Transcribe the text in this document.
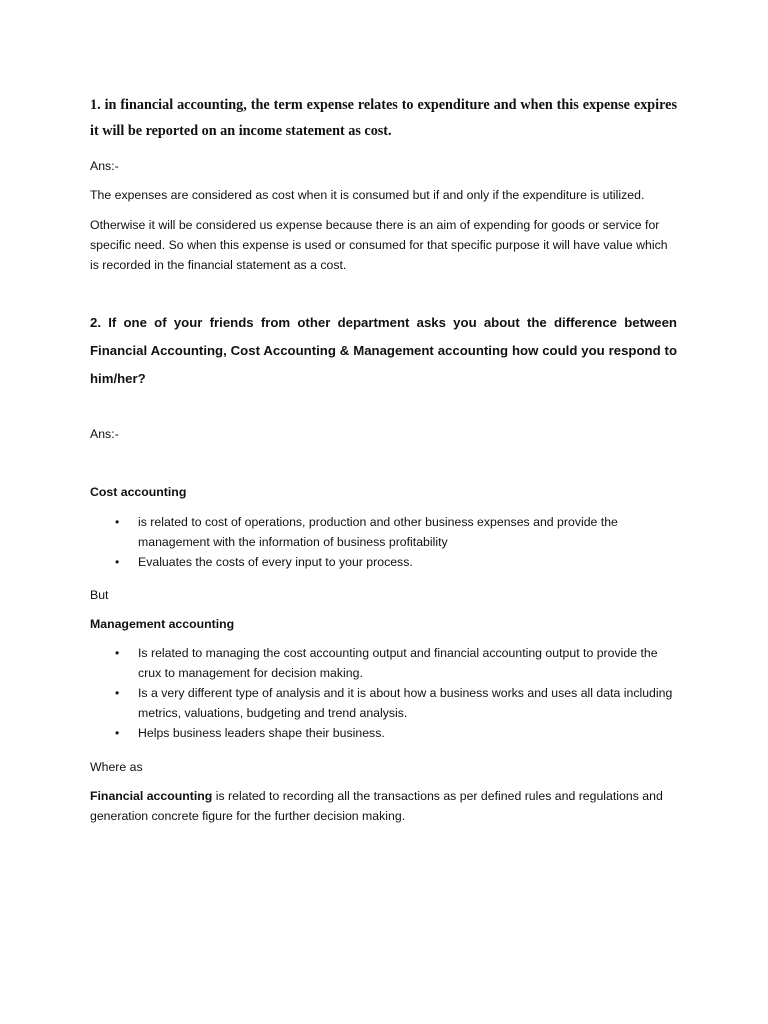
1. in financial accounting, the term expense relates to expenditure and when this expense expires it will be reported on an income statement as cost.

Ans:-

The expenses are considered as cost when it is consumed but if and only if the expenditure is utilized.

Otherwise it will be considered us expense because there is an aim of expending for goods or service for specific need. So when this expense is used or consumed for that specific purpose it will have value which is recorded in the financial statement as a cost.

2. If one of your friends from other department asks you about the difference between Financial Accounting, Cost Accounting & Management accounting how could you respond to him/her?

Ans:-

Cost accounting

• is related to cost of operations, production and other business expenses and provide the management with the information of business profitability
• Evaluates the costs of every input to your process.

But

Management accounting

• Is related to managing the cost accounting output and financial accounting output to provide the crux to management for decision making.
• Is a very different type of analysis and it is about how a business works and uses all data including metrics, valuations, budgeting and trend analysis.
• Helps business leaders shape their business.

Where as

Financial accounting is related to recording all the transactions as per defined rules and regulations and generation concrete figure for the further decision making.
